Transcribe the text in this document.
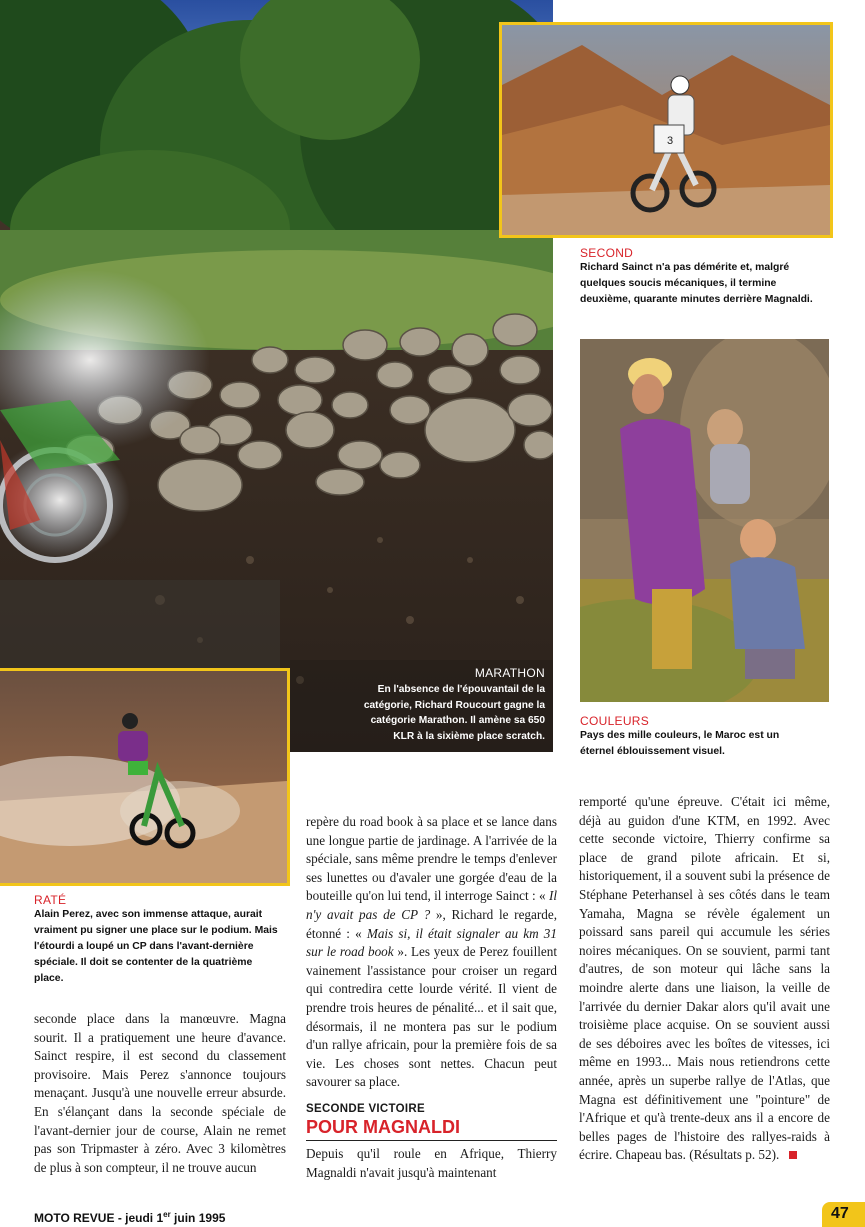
MARATHON
En l'absence de l'épouvantail de la catégorie, Richard Roucourt gagne la catégorie Marathon. Il amène sa 650 KLR à la sixième place scratch.
3
SECOND
Richard Sainct n'a pas démérite et, malgré quelques soucis mécaniques, il termine deuxième, quarante minutes derrière Magnaldi.
COULEURS
Pays des mille couleurs, le Maroc est un éternel éblouissement visuel.
RATÉ
Alain Perez, avec son immense attaque, aurait vraiment pu signer une place sur le podium. Mais l'étourdi a loupé un CP dans l'avant-dernière spéciale. Il doit se contenter de la quatrième place.

seconde place dans la manœuvre. Magna sourit. Il a pratiquement une heure d'avance. Sainct respire, il est second du classement provisoire. Mais Perez s'annonce toujours menaçant. Jusqu'à une nouvelle erreur absurde. En s'élançant dans la seconde spéciale de l'avant-dernier jour de course, Alain ne remet pas son Tripmaster à zéro. Avec 3 kilomètres de plus à son compteur, il ne trouve aucun

repère du road book à sa place et se lance dans une longue partie de jardinage. A l'arrivée de la spéciale, sans même prendre le temps d'enlever ses lunettes ou d'avaler une gorgée d'eau de la bouteille qu'on lui tend, il interroge Sainct : « Il n'y avait pas de CP ? », Richard le regarde, étonné : « Mais si, il était signaler au km 31 sur le road book ». Les yeux de Perez fouillent vainement l'assistance pour croiser un regard qui contredira cette lourde vérité. Il vient de prendre trois heures de pénalité... et il sait que, désormais, il ne montera pas sur le podium d'un rallye africain, pour la première fois de sa vie. Les choses sont nettes. Chacun peut savourer sa place.

SECONDE VICTOIRE
POUR MAGNALDI

Depuis qu'il roule en Afrique, Thierry Magnaldi n'avait jusqu'à maintenant

remporté qu'une épreuve. C'était ici même, déjà au guidon d'une KTM, en 1992. Avec cette seconde victoire, Thierry confirme sa place de grand pilote africain. Et si, historiquement, il a souvent subi la présence de Stéphane Peterhansel à ses côtés dans le team Yamaha, Magna se révèle également un poissard sans pareil qui accumule les séries noires mécaniques. On se souvient, parmi tant d'autres, de son moteur qui lâche sans la moindre alerte dans une liaison, la veille de l'arrivée du dernier Dakar alors qu'il avait une troisième place acquise. On se souvient aussi de ses déboires avec les boîtes de vitesses, ici même en 1993... Mais nous retiendrons cette année, après un superbe rallye de l'Atlas, que Magna est définitivement une "pointure" de l'Afrique et qu'à trente-deux ans il a encore de belles pages de l'histoire des rallyes-raids à écrire. Chapeau bas. (Résultats p. 52).

MOTO REVUE - jeudi 1er juin 1995	47
